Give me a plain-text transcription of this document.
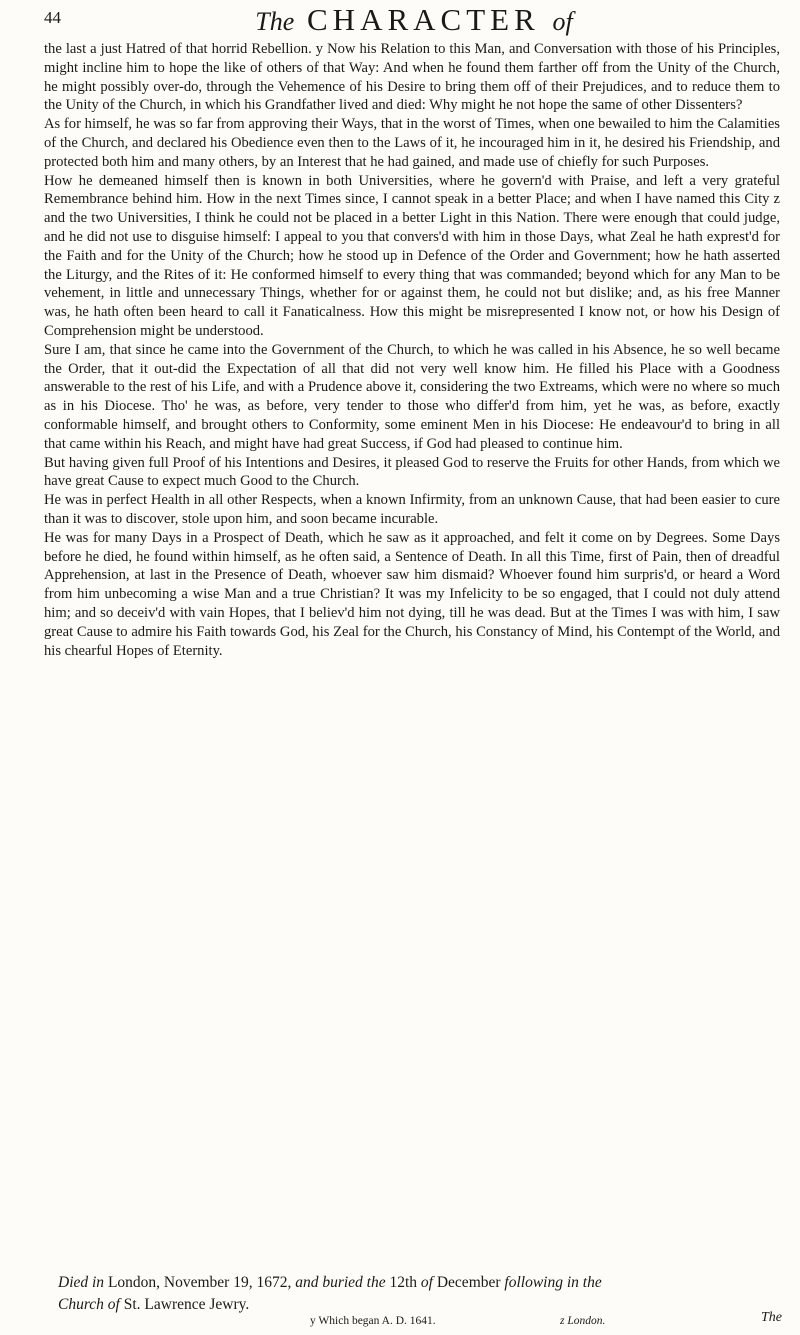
44	The CHARACTER of

the last a just Hatred of that horrid Rebellion. y Now his Relation to this Man, and Conversation with those of his Principles, might incline him to hope the like of others of that Way: And when he found them farther off from the Unity of the Church, he might possibly over-do, through the Vehemence of his Desire to bring them off of their Prejudices, and to reduce them to the Unity of the Church, in which his Grandfather lived and died: Why might he not hope the same of other Dissenters?

As for himself, he was so far from approving their Ways, that in the worst of Times, when one bewailed to him the Calamities of the Church, and declared his Obedience even then to the Laws of it, he incouraged him in it, he desired his Friendship, and protected both him and many others, by an Interest that he had gained, and made use of chiefly for such Purposes.

How he demeaned himself then is known in both Universities, where he govern'd with Praise, and left a very grateful Remembrance behind him. How in the next Times since, I cannot speak in a better Place; and when I have named this City z and the two Universities, I think he could not be placed in a better Light in this Nation. There were enough that could judge, and he did not use to disguise himself: I appeal to you that convers'd with him in those Days, what Zeal he hath exprest'd for the Faith and for the Unity of the Church; how he stood up in Defence of the Order and Government; how he hath asserted the Liturgy, and the Rites of it: He conformed himself to every thing that was commanded; beyond which for any Man to be vehement, in little and unnecessary Things, whether for or against them, he could not but dislike; and, as his free Manner was, he hath often been heard to call it Fanaticalness. How this might be misrepresented I know not, or how his Design of Comprehension might be understood.

Sure I am, that since he came into the Government of the Church, to which he was called in his Absence, he so well became the Order, that it out-did the Expectation of all that did not very well know him. He filled his Place with a Goodness answerable to the rest of his Life, and with a Prudence above it, considering the two Extreams, which were no where so much as in his Diocese. Tho' he was, as before, very tender to those who differ'd from him, yet he was, as before, exactly conformable himself, and brought others to Conformity, some eminent Men in his Diocese: He endeavour'd to bring in all that came within his Reach, and might have had great Success, if God had pleased to continue him.

But having given full Proof of his Intentions and Desires, it pleased God to reserve the Fruits for other Hands, from which we have great Cause to expect much Good to the Church.

He was in perfect Health in all other Respects, when a known Infirmity, from an unknown Cause, that had been easier to cure than it was to discover, stole upon him, and soon became incurable.

He was for many Days in a Prospect of Death, which he saw as it approached, and felt it come on by Degrees. Some Days before he died, he found within himself, as he often said, a Sentence of Death. In all this Time, first of Pain, then of dreadful Apprehension, at last in the Presence of Death, whoever saw him dismaid? Whoever found him surpris'd, or heard a Word from him unbecoming a wise Man and a true Christian? It was my Infelicity to be so engaged, that I could not duly attend him; and so deceiv'd with vain Hopes, that I believ'd him not dying, till he was dead. But at the Times I was with him, I saw great Cause to admire his Faith towards God, his Zeal for the Church, his Constancy of Mind, his Contempt of the World, and his chearful Hopes of Eternity.

Died in London, November 19, 1672, and buried the 12th of December following in the
Church of St. Lawrence Jewry.
y Which began A. D. 1641.	z London.	The
